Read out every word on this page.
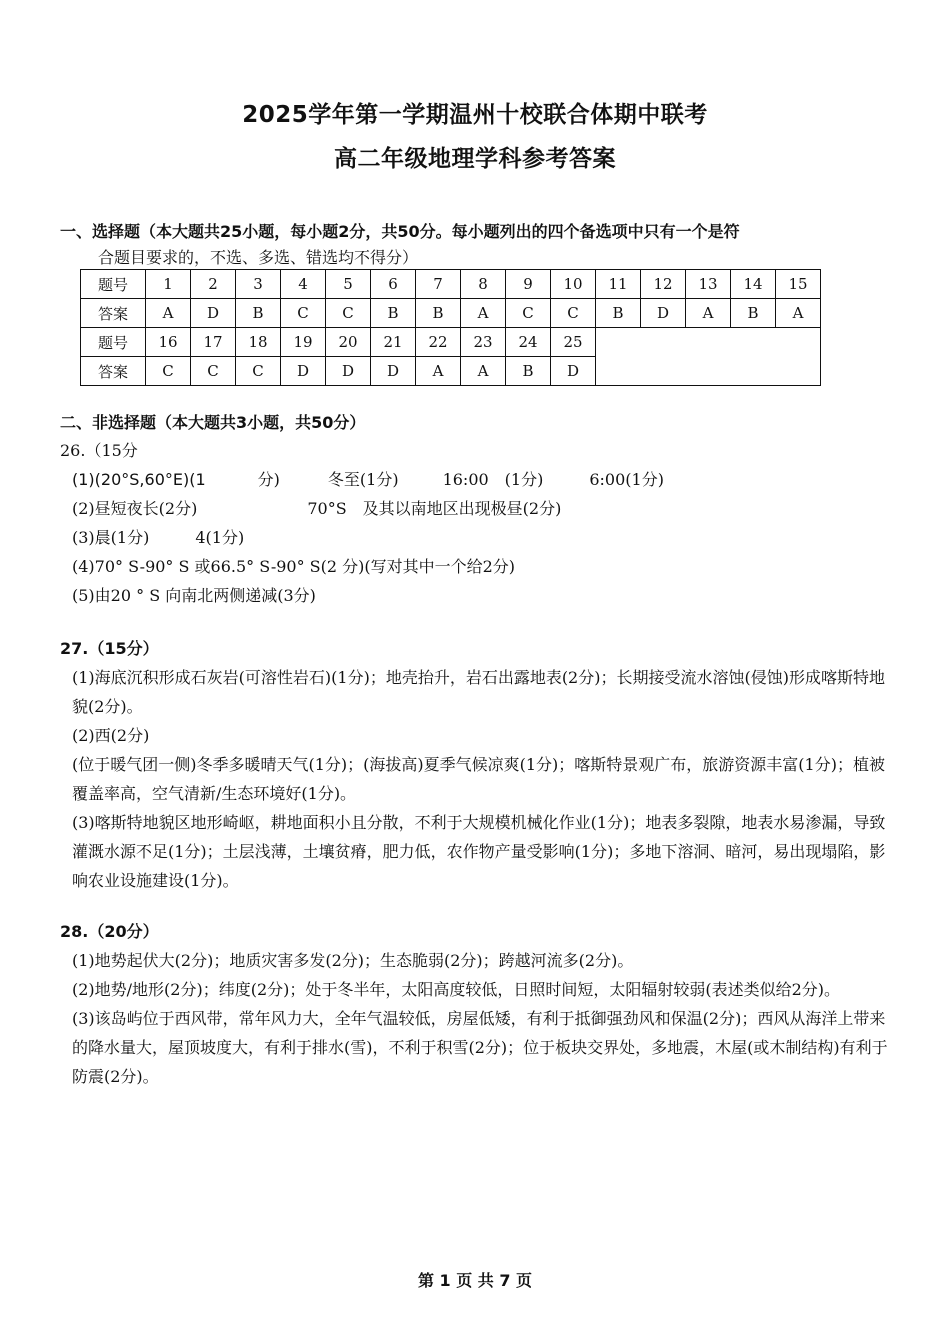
2025学年第一学期温州十校联合体期中联考
高二年级地理学科参考答案
一、选择题（本大题共25小题，每小题2分，共50分。每小题列出的四个备选项中只有一个是符
合题目要求的，不选、多选、错选均不得分）
题号	1	2	3	4	5	6	7	8	9	10	11	12	13	14	15
答案	A	D	B	C	C	B	B	A	C	C	B	D	A	B	A
题号	16	17	18	19	20	21	22	23	24	25					
答案	C	C	C	D	D	D	A	A	B	D					
二、非选择题（本大题共3小题，共50分）

26.（15分

(1)(20°S,60°E)(1	分)	冬至(1分)	16:00　(1分)	6:00(1分)

(2)昼短夜长(2分)	70°S　及其以南地区出现极昼(2分)

(3)晨(1分)	4(1分)

(4)70° S-90° S 或66.5° S-90° S(2 分)(写对其中一个给2分)

(5)由20 ° S 向南北两侧递减(3分)

27.（15分）

(1)海底沉积形成石灰岩(可溶性岩石)(1分)；地壳抬升，岩石出露地表(2分)；长期接受流水溶蚀(侵蚀)形成喀斯特地貌(2分)。

(2)西(2分)

(位于暖气团一侧)冬季多暖晴天气(1分)；(海拔高)夏季气候凉爽(1分)；喀斯特景观广布，旅游资源丰富(1分)；植被覆盖率高，空气清新/生态环境好(1分)。

(3)喀斯特地貌区地形崎岖，耕地面积小且分散，不利于大规模机械化作业(1分)；地表多裂隙，地表水易渗漏，导致灌溉水源不足(1分)；土层浅薄，土壤贫瘠，肥力低，农作物产量受影响(1分)；多地下溶洞、暗河，易出现塌陷，影响农业设施建设(1分)。

28.（20分）

(1)地势起伏大(2分)；地质灾害多发(2分)；生态脆弱(2分)；跨越河流多(2分)。

(2)地势/地形(2分)；纬度(2分)；处于冬半年，太阳高度较低，日照时间短，太阳辐射较弱(表述类似给2分)。

(3)该岛屿位于西风带，常年风力大，全年气温较低，房屋低矮，有利于抵御强劲风和保温(2分)；西风从海洋上带来的降水量大，屋顶坡度大，有利于排水(雪)，不利于积雪(2分)；位于板块交界处，多地震，木屋(或木制结构)有利于防震(2分)。

第 1 页 共 7 页
